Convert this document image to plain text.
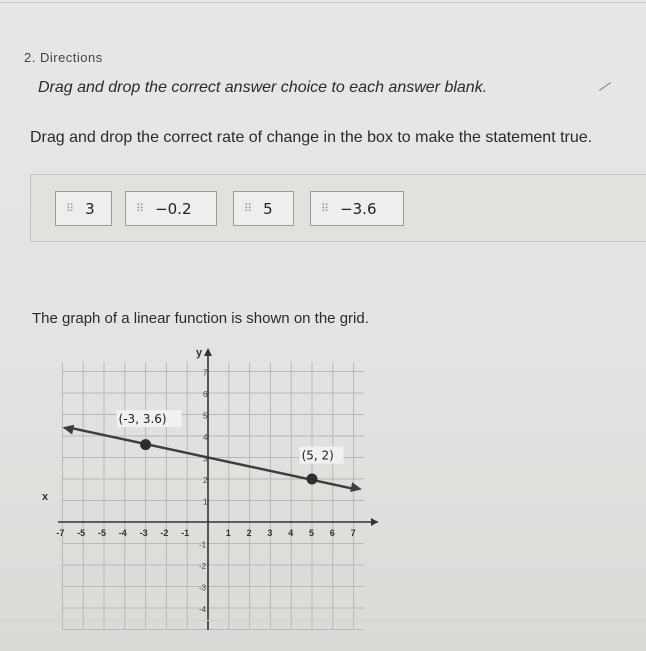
2. Directions
Drag and drop the correct answer choice to each answer blank.
Drag and drop the correct rate of change in the box to make the statement true.
⠿ 3	⠿ −0.2	⠿ 5	⠿ −3.6
The graph of a linear function is shown on the grid.
x
y
-7 -5 -5 -4 -3 -2 -1	1 2 3 4 5 6 7
7
6
5
4
3
2
1
-1
-2
-3
-4
(-3, 3.6)
(5, 2)
